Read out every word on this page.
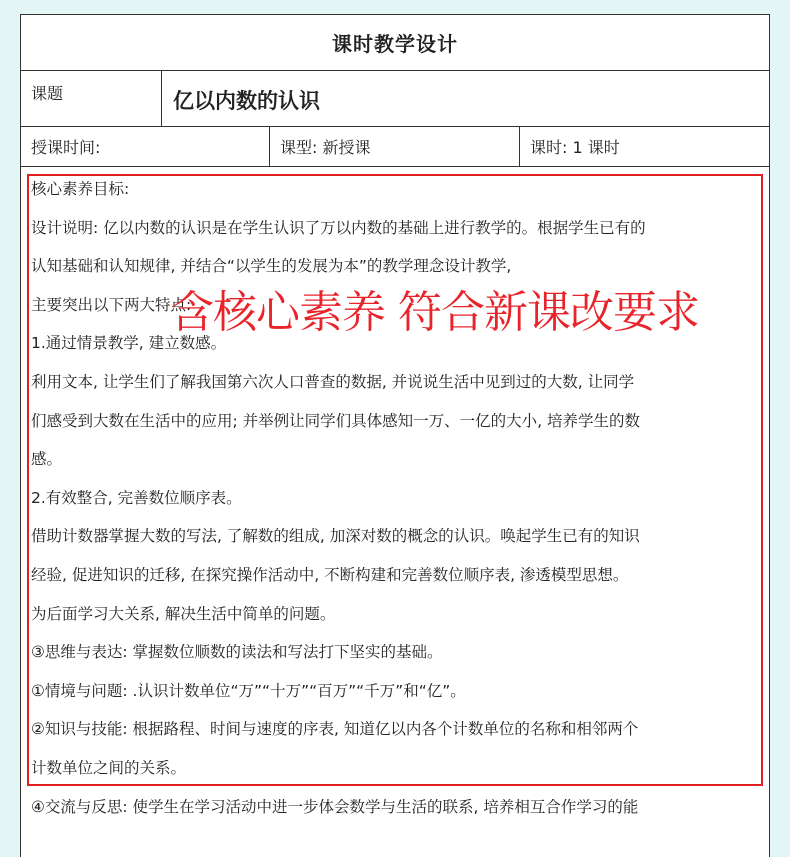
课时教学设计
课题	亿以内数的认识
授课时间:	课型: 新授课	课时: 1 课时

核心素养目标:

设计说明: 亿以内数的认识是在学生认识了万以内数的基础上进行教学的。根据学生已有的

认知基础和认知规律, 并结合“以学生的发展为本”的教学理念设计教学,

主要突出以下两大特点:

1.通过情景教学, 建立数感。

利用文本, 让学生们了解我国第六次人口普查的数据, 并说说生活中见到过的大数, 让同学

们感受到大数在生活中的应用; 并举例让同学们具体感知一万、一亿的大小, 培养学生的数

感。

2.有效整合, 完善数位顺序表。

借助计数器掌握大数的写法, 了解数的组成, 加深对数的概念的认识。唤起学生已有的知识

经验, 促进知识的迁移, 在探究操作活动中, 不断构建和完善数位顺序表, 渗透模型思想。

为后面学习大关系, 解决生活中简单的问题。

③思维与表达: 掌握数位顺数的读法和写法打下坚实的基础。

①情境与问题: .认识计数单位“万”“十万”“百万”“千万”和“亿”。

②知识与技能: 根据路程、时间与速度的序表, 知道亿以内各个计数单位的名称和相邻两个

计数单位之间的关系。

④交流与反思: 使学生在学习活动中进一步体会数学与生活的联系, 培养相互合作学习的能

含核心素养 符合新课改要求
